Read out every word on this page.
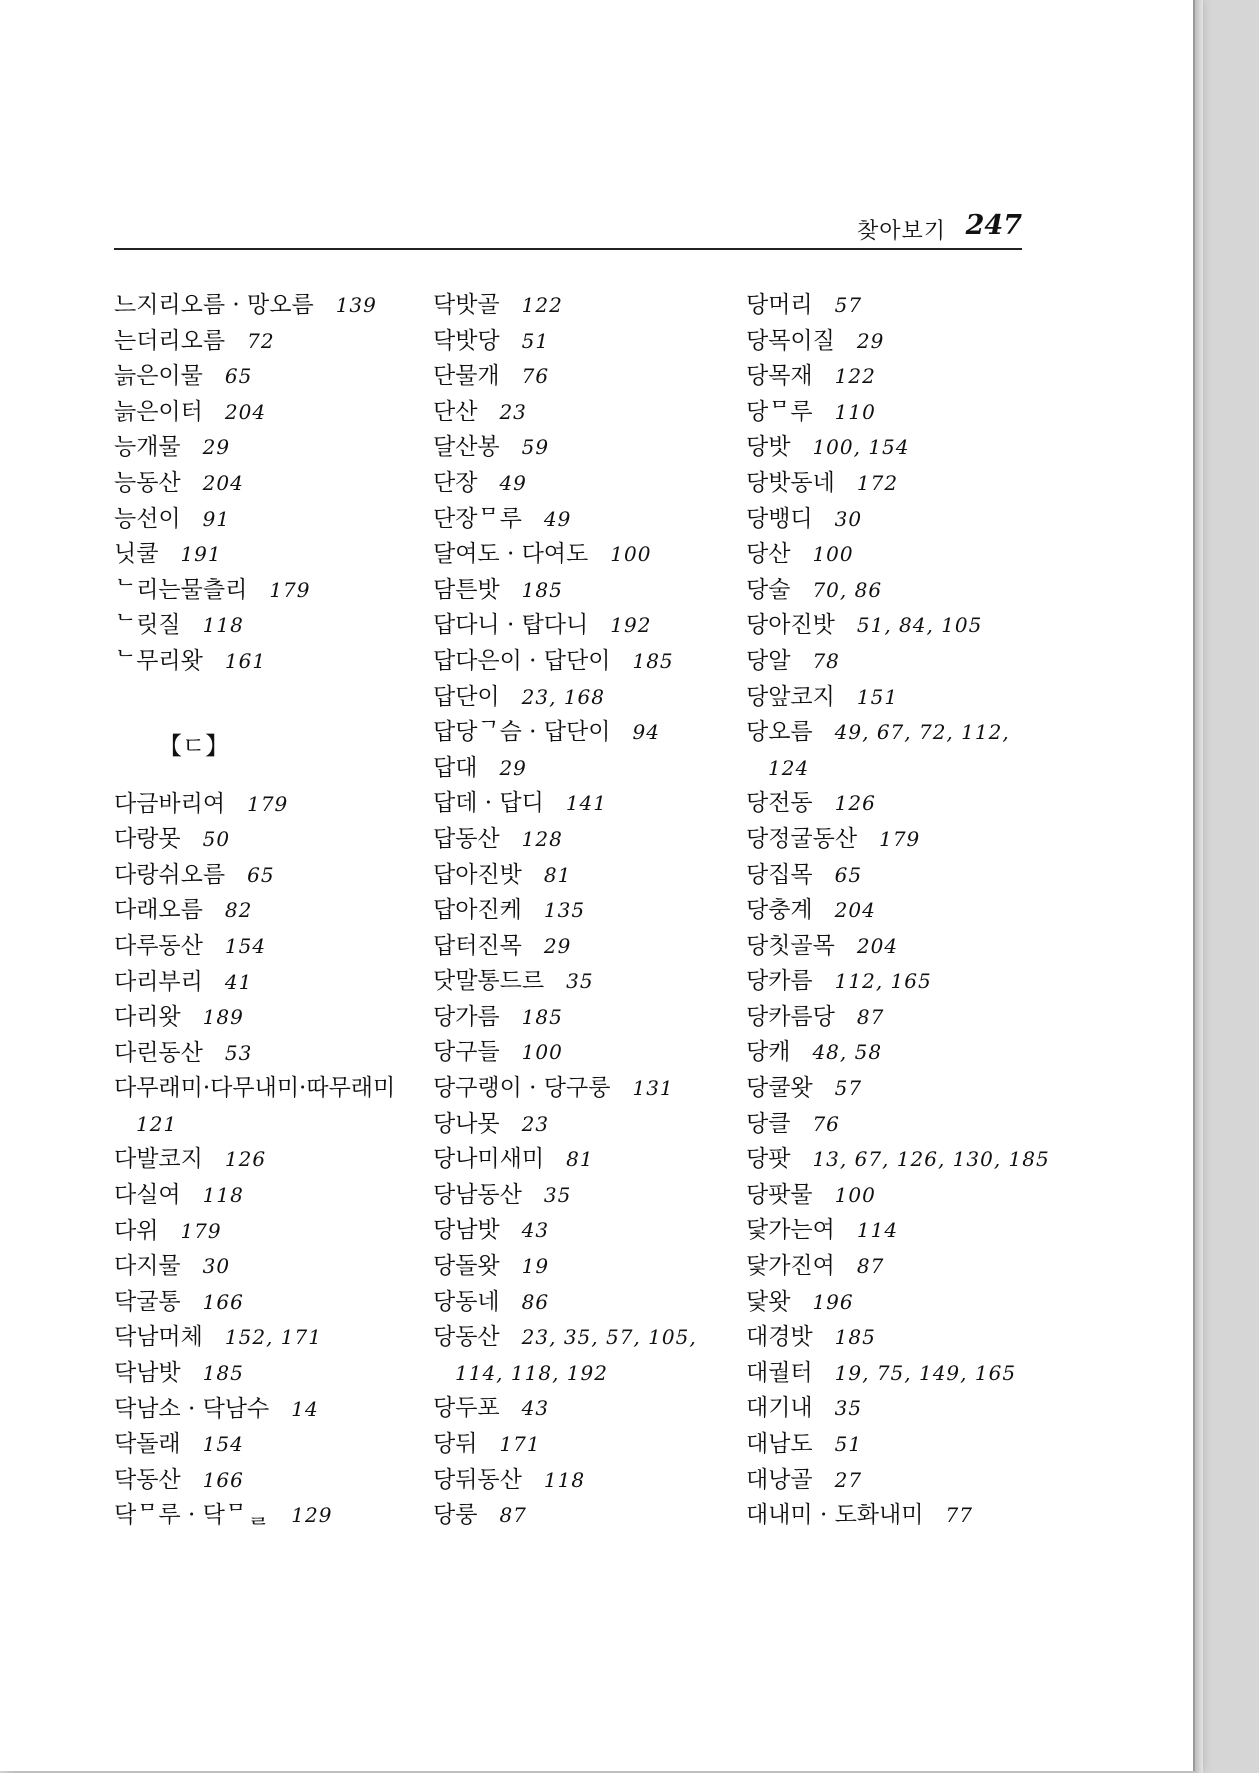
찾아보기 247
느지리오름 · 망오름 139
는더리오름 72
늙은이물 65
늙은이터 204
능개물 29
능동산 204
능선이 91
닛쿨 191
ᄂ리는물츨리 179
ᄂ릿질 118
ᄂ무리왓 161
【ㄷ】
다금바리여 179
다랑못 50
다랑쉬오름 65
다래오름 82
다루동산 154
다리부리 41
다리왓 189
다린동산 53
다무래미·다무내미·따무래미
121
다발코지 126
다실여 118
다위 179
다지물 30
닥굴통 166
닥남머체 152, 171
닥남밧 185
닥남소 · 닥남수 14
닥돌래 154
닥동산 166
닥ᄆ루 · 닥ᄆᆯ 129
닥밧골 122
닥밧당 51
단물개 76
단산 23
달산봉 59
단장 49
단장ᄆ루 49
달여도 · 다여도 100
담튼밧 185
답다니 · 탑다니 192
답다은이 · 답단이 185
답단이 23, 168
답당ᄀ슴 · 답단이 94
답대 29
답데 · 답디 141
답동산 128
답아진밧 81
답아진케 135
답터진목 29
닷말통드르 35
당가름 185
당구들 100
당구랭이 · 당구룽 131
당나못 23
당나미새미 81
당남동산 35
당남밧 43
당돌왓 19
당동네 86
당동산 23, 35, 57, 105,
114, 118, 192
당두포 43
당뒤 171
당뒤동산 118
당룽 87
당머리 57
당목이질 29
당목재 122
당ᄆ루 110
당밧 100, 154
당밧동네 172
당뱅디 30
당산 100
당술 70, 86
당아진밧 51, 84, 105
당알 78
당앞코지 151
당오름 49, 67, 72, 112,
124
당전동 126
당정굴동산 179
당집목 65
당충계 204
당칫골목 204
당카름 112, 165
당카름당 87
당캐 48, 58
당쿨왓 57
당클 76
당팟 13, 67, 126, 130, 185
당팟물 100
닻가는여 114
닻가진여 87
닻왓 196
대경밧 185
대궐터 19, 75, 149, 165
대기내 35
대남도 51
대낭골 27
대내미 · 도화내미 77
